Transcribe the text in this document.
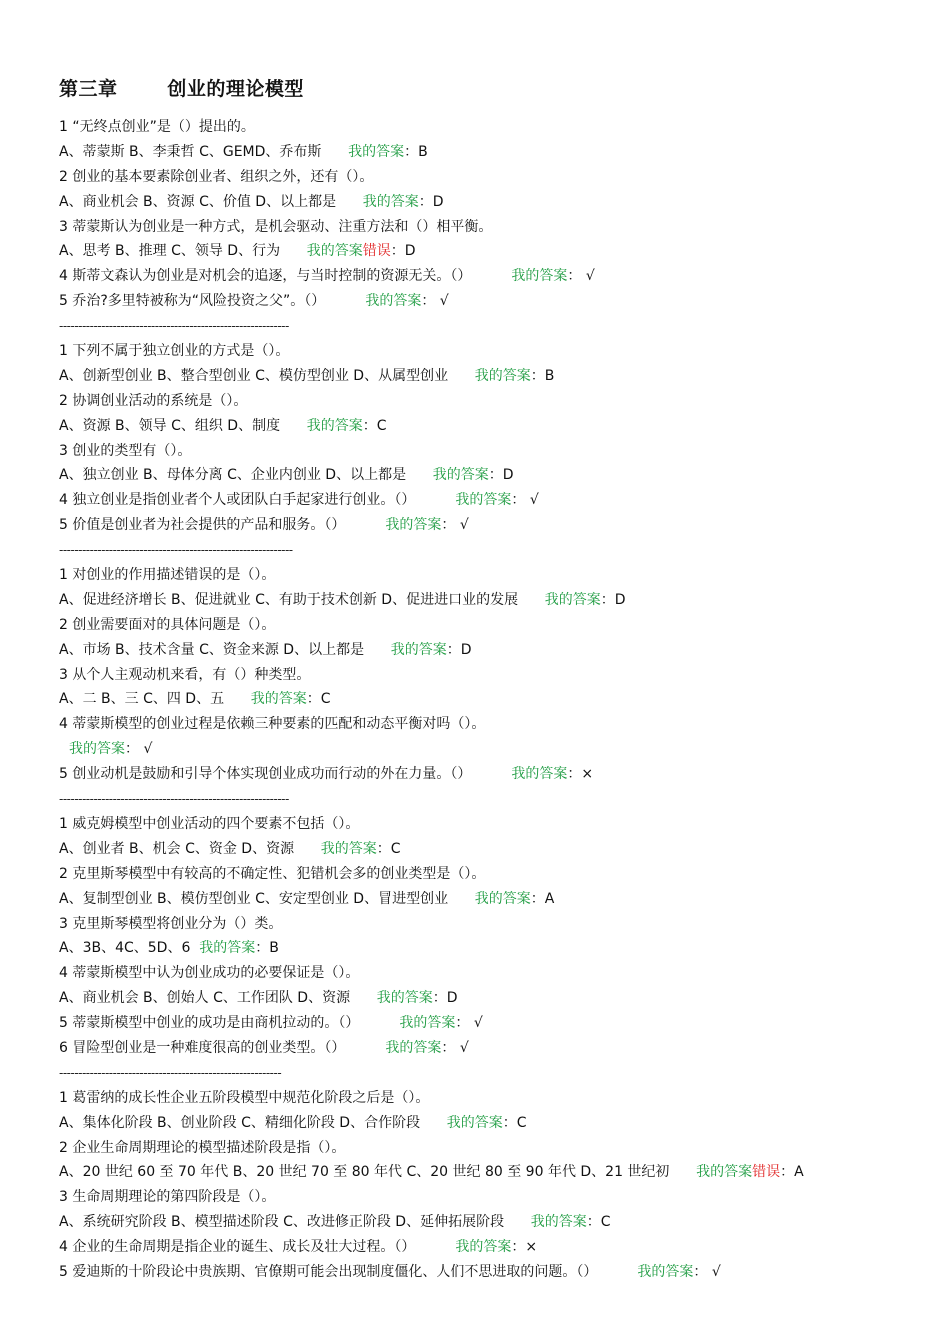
第三章	创业的理论模型
1 “无终点创业”是（）提出的。
A、蒂蒙斯 B、李秉哲 C、GEMD、乔布斯      我的答案：B
2 创业的基本要素除创业者、组织之外，还有（）。
A、商业机会 B、资源 C、价值 D、以上都是      我的答案：D
3 蒂蒙斯认为创业是一种方式，是机会驱动、注重方法和（）相平衡。
A、思考 B、推理 C、领导 D、行为      我的答案错误：D
4 斯蒂文森认为创业是对机会的追逐，与当时控制的资源无关。（）         我的答案： √
5 乔治?多里特被称为“风险投资之父”。（）         我的答案： √
------------------------------------------------------------
1 下列不属于独立创业的方式是（）。
A、创新型创业 B、整合型创业 C、模仿型创业 D、从属型创业      我的答案：B
2 协调创业活动的系统是（）。
A、资源 B、领导 C、组织 D、制度      我的答案：C
3 创业的类型有（）。
A、独立创业 B、母体分离 C、企业内创业 D、以上都是      我的答案：D
4 独立创业是指创业者个人或团队白手起家进行创业。（）         我的答案： √
5 价值是创业者为社会提供的产品和服务。（）         我的答案： √
-------------------------------------------------------------
1 对创业的作用描述错误的是（）。
A、促进经济增长 B、促进就业 C、有助于技术创新 D、促进进口业的发展      我的答案：D
2 创业需要面对的具体问题是（）。
A、市场 B、技术含量 C、资金来源 D、以上都是      我的答案：D
3 从个人主观动机来看，有（）种类型。
A、二 B、三 C、四 D、五      我的答案：C
4 蒂蒙斯模型的创业过程是依赖三种要素的匹配和动态平衡对吗（）。
我的答案： √
5 创业动机是鼓励和引导个体实现创业成功而行动的外在力量。（）         我的答案：×
------------------------------------------------------------
1 威克姆模型中创业活动的四个要素不包括（）。
A、创业者 B、机会 C、资金 D、资源      我的答案：C
2 克里斯琴模型中有较高的不确定性、犯错机会多的创业类型是（）。
A、复制型创业 B、模仿型创业 C、安定型创业 D、冒进型创业      我的答案：A
3 克里斯琴模型将创业分为（）类。
A、3B、4C、5D、6  我的答案：B
4 蒂蒙斯模型中认为创业成功的必要保证是（）。
A、商业机会 B、创始人 C、工作团队 D、资源      我的答案：D
5 蒂蒙斯模型中创业的成功是由商机拉动的。（）         我的答案： √
6 冒险型创业是一种难度很高的创业类型。（）         我的答案： √
----------------------------------------------------------
1 葛雷纳的成长性企业五阶段模型中规范化阶段之后是（）。
A、集体化阶段 B、创业阶段 C、精细化阶段 D、合作阶段      我的答案：C
2 企业生命周期理论的模型描述阶段是指（）。
A、20 世纪 60 至 70 年代 B、20 世纪 70 至 80 年代 C、20 世纪 80 至 90 年代 D、21 世纪初      我的答案错误：A
3 生命周期理论的第四阶段是（）。
A、系统研究阶段 B、模型描述阶段 C、改进修正阶段 D、延伸拓展阶段      我的答案：C
4 企业的生命周期是指企业的诞生、成长及壮大过程。（）         我的答案：×
5 爱迪斯的十阶段论中贵族期、官僚期可能会出现制度僵化、人们不思进取的问题。（）         我的答案： √
